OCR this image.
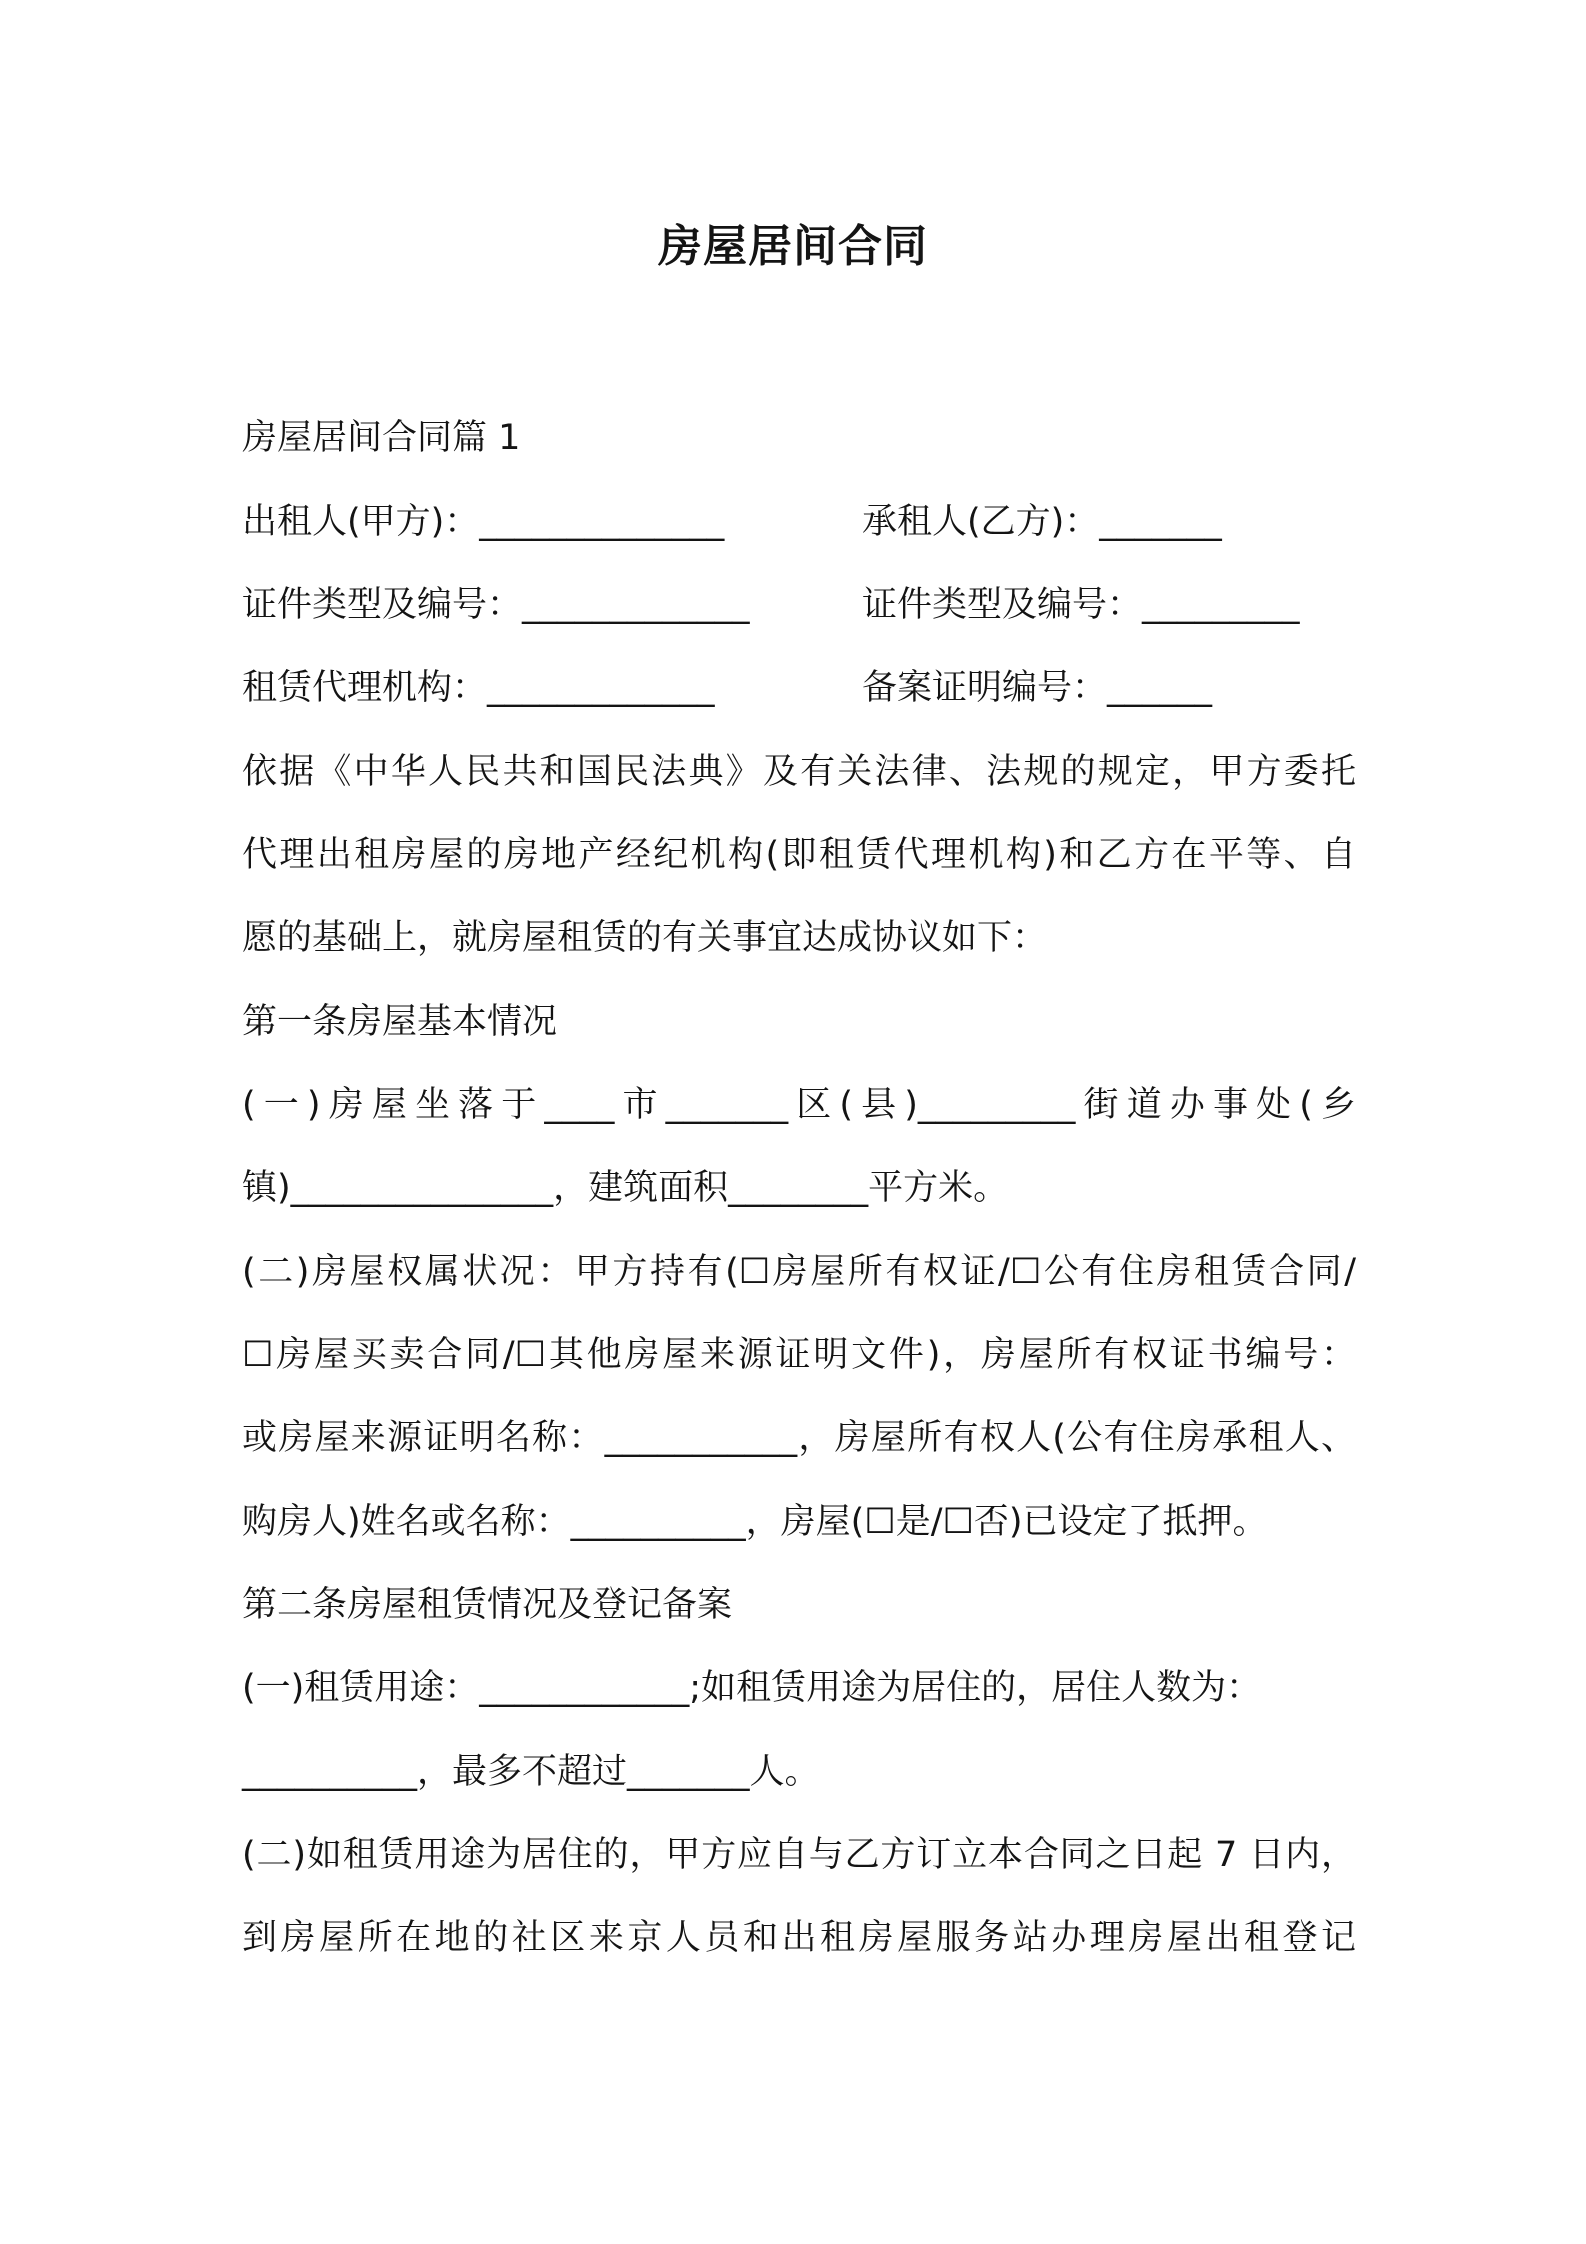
房屋居间合同

房屋居间合同篇 1

出租人(甲方)：______________	承租人(乙方)：_______

证件类型及编号：_____________	证件类型及编号：_________

租赁代理机构：_____________	备案证明编号：______

依据《中华人民共和国民法典》及有关法律、法规的规定，甲方委托

代理出租房屋的房地产经纪机构(即租赁代理机构)和乙方在平等、自

愿的基础上，就房屋租赁的有关事宜达成协议如下：

第一条房屋基本情况

(一)房屋坐落于____市_______区(县)_________街道办事处(乡

镇)_______________，建筑面积________平方米。

(二)房屋权属状况：甲方持有(☐房屋所有权证/☐公有住房租赁合同/

☐房屋买卖合同/☐其他房屋来源证明文件)，房屋所有权证书编号：

或房屋来源证明名称：___________，房屋所有权人(公有住房承租人、

购房人)姓名或名称：__________，房屋(☐是/☐否)已设定了抵押。

第二条房屋租赁情况及登记备案

(一)租赁用途：____________;如租赁用途为居住的，居住人数为：

__________，最多不超过_______人。

(二)如租赁用途为居住的，甲方应自与乙方订立本合同之日起 7 日内，

到房屋所在地的社区来京人员和出租房屋服务站办理房屋出租登记
